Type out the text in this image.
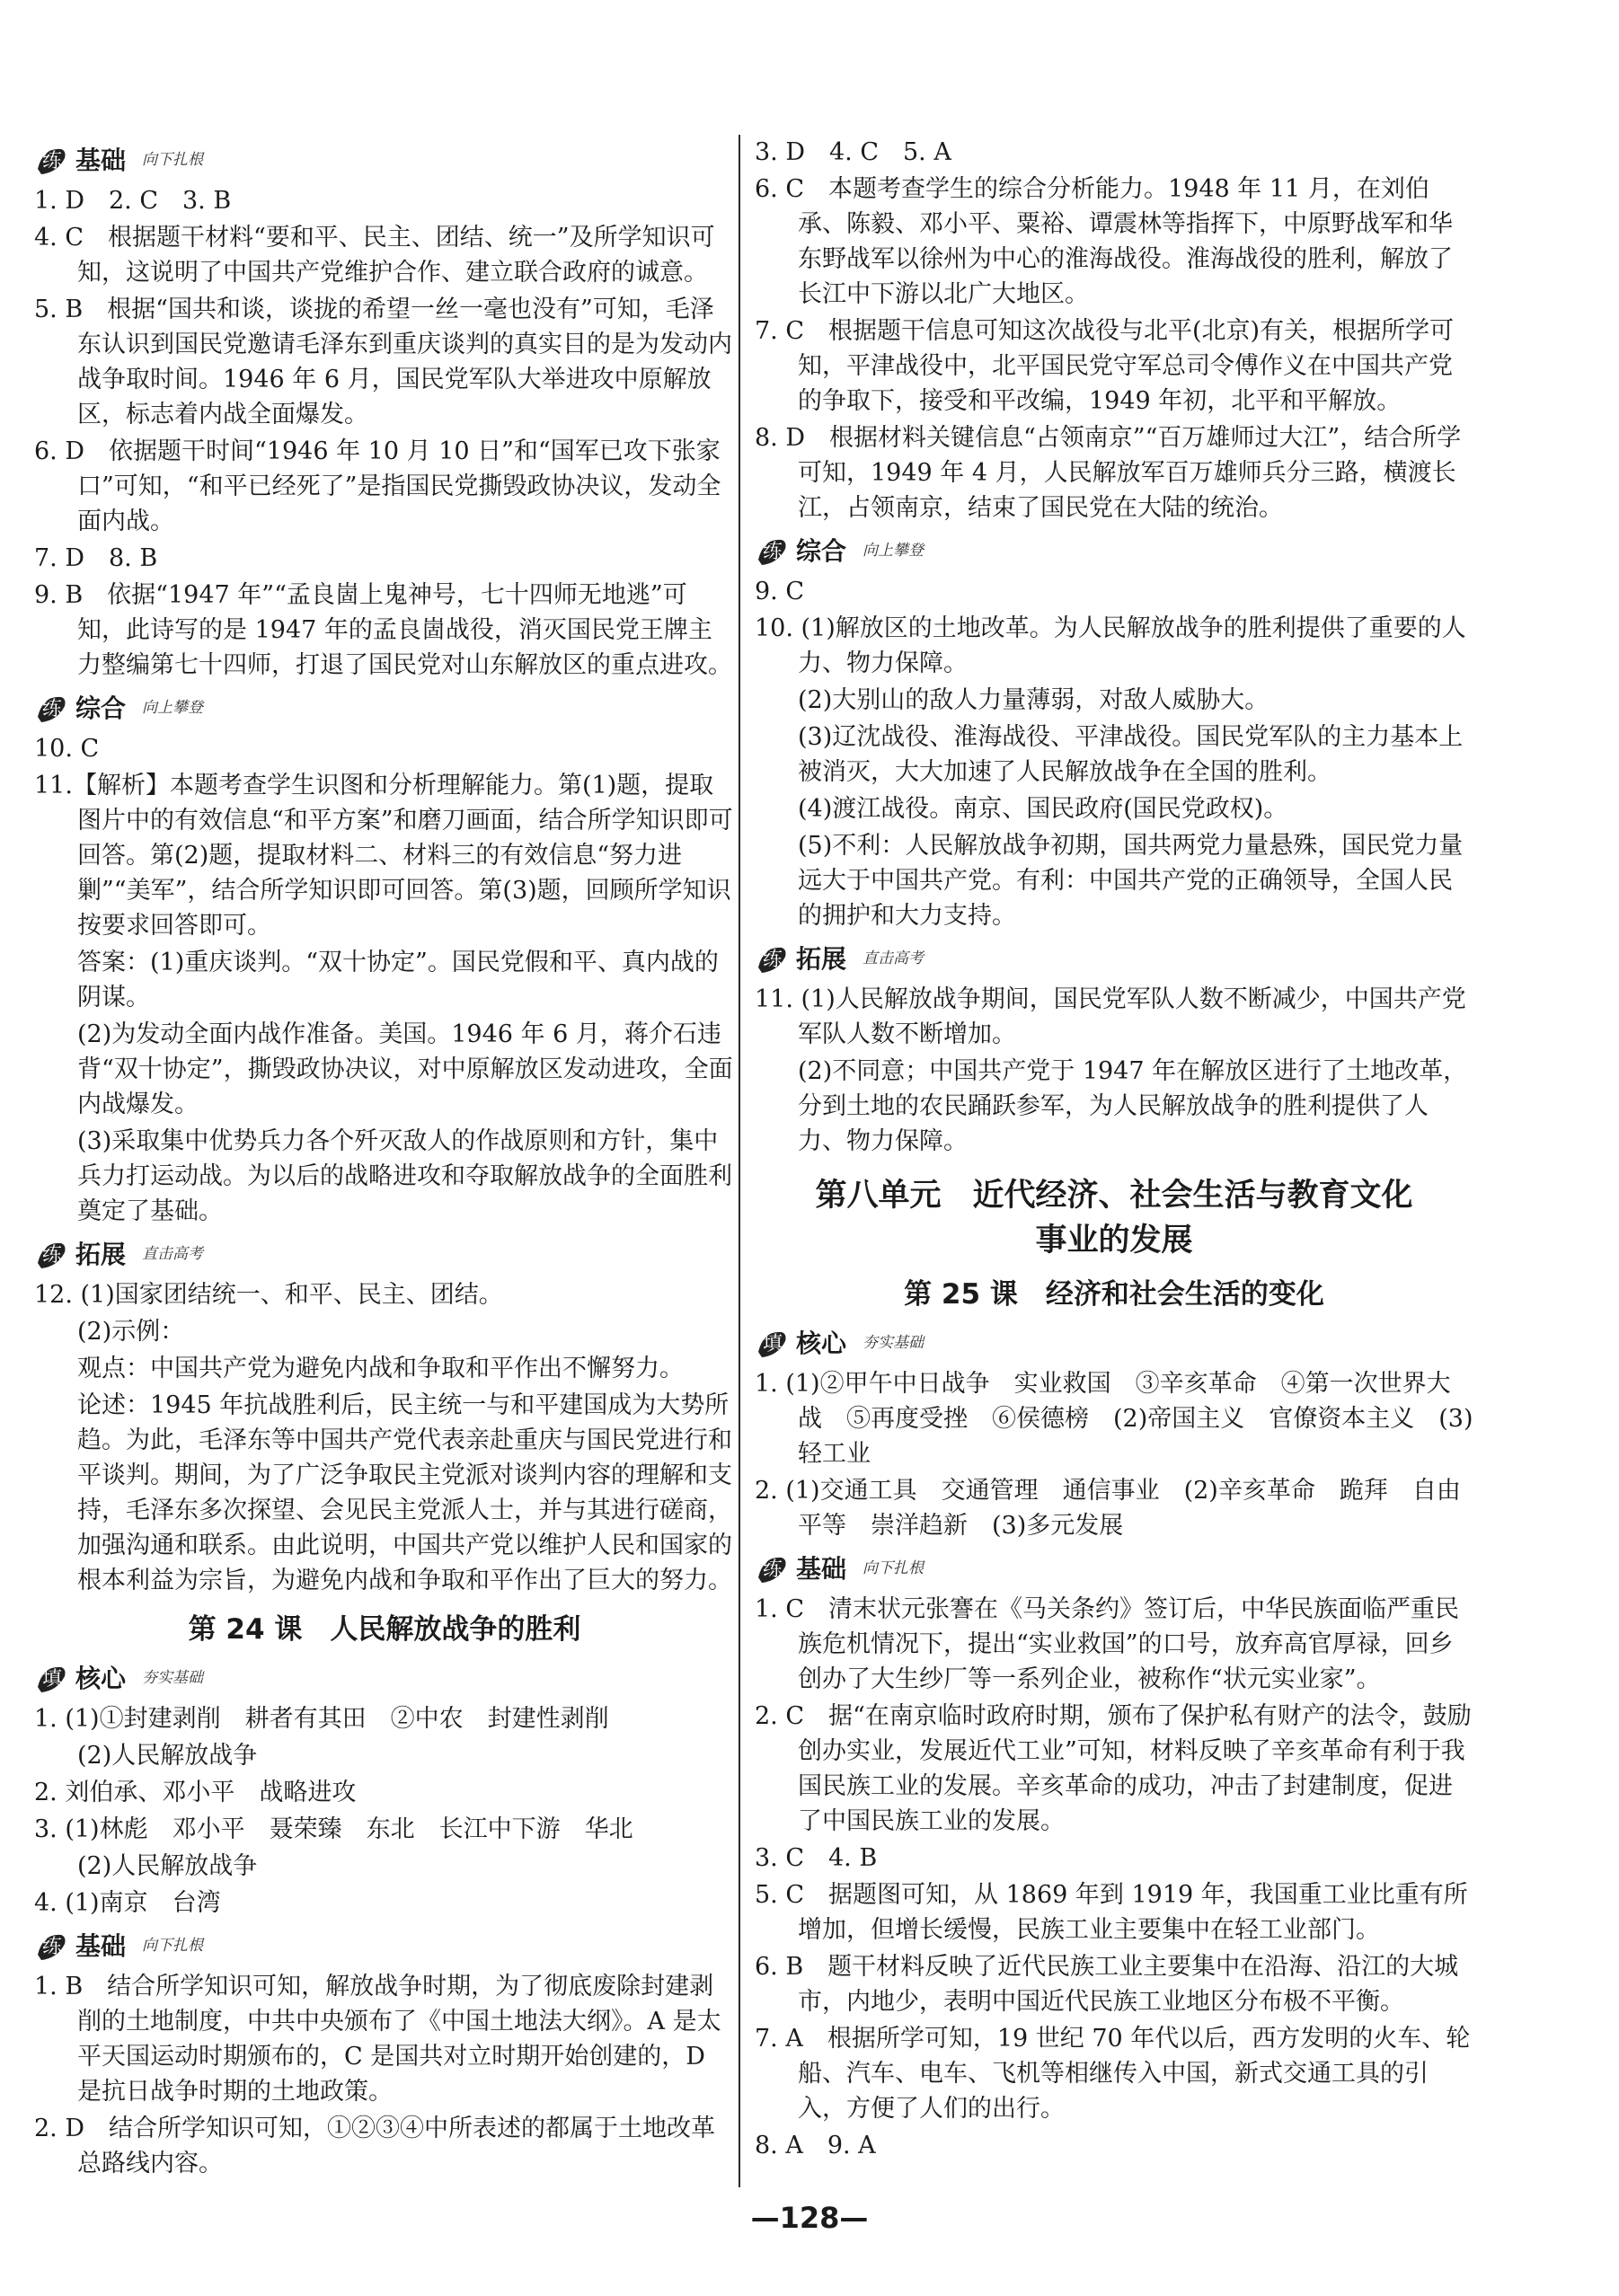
练 基础 向下扎根
1. D　2. C　3. B
4. C　根据题干材料“要和平、民主、团结、统一”及所学知识可知，这说明了中国共产党维护合作、建立联合政府的诚意。
5. B　根据“国共和谈，谈拢的希望一丝一毫也没有”可知，毛泽东认识到国民党邀请毛泽东到重庆谈判的真实目的是为发动内战争取时间。1946 年 6 月，国民党军队大举进攻中原解放区，标志着内战全面爆发。
6. D　依据题干时间“1946 年 10 月 10 日”和“国军已攻下张家口”可知，“和平已经死了”是指国民党撕毁政协决议，发动全面内战。
7. D　8. B
9. B　依据“1947 年”“孟良崮上鬼神号，七十四师无地逃”可知，此诗写的是 1947 年的孟良崮战役，消灭国民党王牌主力整编第七十四师，打退了国民党对山东解放区的重点进攻。
练 综合 向上攀登
10. C
11.【解析】本题考查学生识图和分析理解能力。第(1)题，提取图片中的有效信息“和平方案”和磨刀画面，结合所学知识即可回答。第(2)题，提取材料二、材料三的有效信息“努力进剿”“美军”，结合所学知识即可回答。第(3)题，回顾所学知识按要求回答即可。
答案：(1)重庆谈判。“双十协定”。国民党假和平、真内战的阴谋。
(2)为发动全面内战作准备。美国。1946 年 6 月，蒋介石违背“双十协定”，撕毁政协决议，对中原解放区发动进攻，全面内战爆发。
(3)采取集中优势兵力各个歼灭敌人的作战原则和方针，集中兵力打运动战。为以后的战略进攻和夺取解放战争的全面胜利奠定了基础。
练 拓展 直击高考
12. (1)国家团结统一、和平、民主、团结。
(2)示例：
观点：中国共产党为避免内战和争取和平作出不懈努力。
论述：1945 年抗战胜利后，民主统一与和平建国成为大势所趋。为此，毛泽东等中国共产党代表亲赴重庆与国民党进行和平谈判。期间，为了广泛争取民主党派对谈判内容的理解和支持，毛泽东多次探望、会见民主党派人士，并与其进行磋商，加强沟通和联系。由此说明，中国共产党以维护人民和国家的根本利益为宗旨，为避免内战和争取和平作出了巨大的努力。
第 24 课　人民解放战争的胜利
填 核心 夯实基础
1. (1)①封建剥削　耕者有其田　②中农　封建性剥削
(2)人民解放战争
2. 刘伯承、邓小平　战略进攻
3. (1)林彪　邓小平　聂荣臻　东北　长江中下游　华北
(2)人民解放战争
4. (1)南京　台湾
练 基础 向下扎根
1. B　结合所学知识可知，解放战争时期，为了彻底废除封建剥削的土地制度，中共中央颁布了《中国土地法大纲》。A 是太平天国运动时期颁布的，C 是国共对立时期开始创建的，D 是抗日战争时期的土地政策。
2. D　结合所学知识可知，①②③④中所表述的都属于土地改革总路线内容。
3. D　4. C　5. A
6. C　本题考查学生的综合分析能力。1948 年 11 月，在刘伯承、陈毅、邓小平、粟裕、谭震林等指挥下，中原野战军和华东野战军以徐州为中心的淮海战役。淮海战役的胜利，解放了长江中下游以北广大地区。
7. C　根据题干信息可知这次战役与北平(北京)有关，根据所学可知，平津战役中，北平国民党守军总司令傅作义在中国共产党的争取下，接受和平改编，1949 年初，北平和平解放。
8. D　根据材料关键信息“占领南京”“百万雄师过大江”，结合所学可知，1949 年 4 月，人民解放军百万雄师兵分三路，横渡长江，占领南京，结束了国民党在大陆的统治。
练 综合 向上攀登
9. C
10. (1)解放区的土地改革。为人民解放战争的胜利提供了重要的人力、物力保障。
(2)大别山的敌人力量薄弱，对敌人威胁大。
(3)辽沈战役、淮海战役、平津战役。国民党军队的主力基本上被消灭，大大加速了人民解放战争在全国的胜利。
(4)渡江战役。南京、国民政府(国民党政权)。
(5)不利：人民解放战争初期，国共两党力量悬殊，国民党力量远大于中国共产党。有利：中国共产党的正确领导，全国人民的拥护和大力支持。
练 拓展 直击高考
11. (1)人民解放战争期间，国民党军队人数不断减少，中国共产党军队人数不断增加。
(2)不同意；中国共产党于 1947 年在解放区进行了土地改革，分到土地的农民踊跃参军，为人民解放战争的胜利提供了人力、物力保障。
第八单元　近代经济、社会生活与教育文化
事业的发展
第 25 课　经济和社会生活的变化
填 核心 夯实基础
1. (1)②甲午中日战争　实业救国　③辛亥革命　④第一次世界大战　⑤再度受挫　⑥侯德榜　(2)帝国主义　官僚资本主义　(3)轻工业
2. (1)交通工具　交通管理　通信事业　(2)辛亥革命　跪拜　自由平等　崇洋趋新　(3)多元发展
练 基础 向下扎根
1. C　清末状元张謇在《马关条约》签订后，中华民族面临严重民族危机情况下，提出“实业救国”的口号，放弃高官厚禄，回乡创办了大生纱厂等一系列企业，被称作“状元实业家”。
2. C　据“在南京临时政府时期，颁布了保护私有财产的法令，鼓励创办实业，发展近代工业”可知，材料反映了辛亥革命有利于我国民族工业的发展。辛亥革命的成功，冲击了封建制度，促进了中国民族工业的发展。
3. C　4. B
5. C　据题图可知，从 1869 年到 1919 年，我国重工业比重有所增加，但增长缓慢，民族工业主要集中在轻工业部门。
6. B　题干材料反映了近代民族工业主要集中在沿海、沿江的大城市，内地少，表明中国近代民族工业地区分布极不平衡。
7. A　根据所学可知，19 世纪 70 年代以后，西方发明的火车、轮船、汽车、电车、飞机等相继传入中国，新式交通工具的引入，方便了人们的出行。
8. A　9. A
—128—
